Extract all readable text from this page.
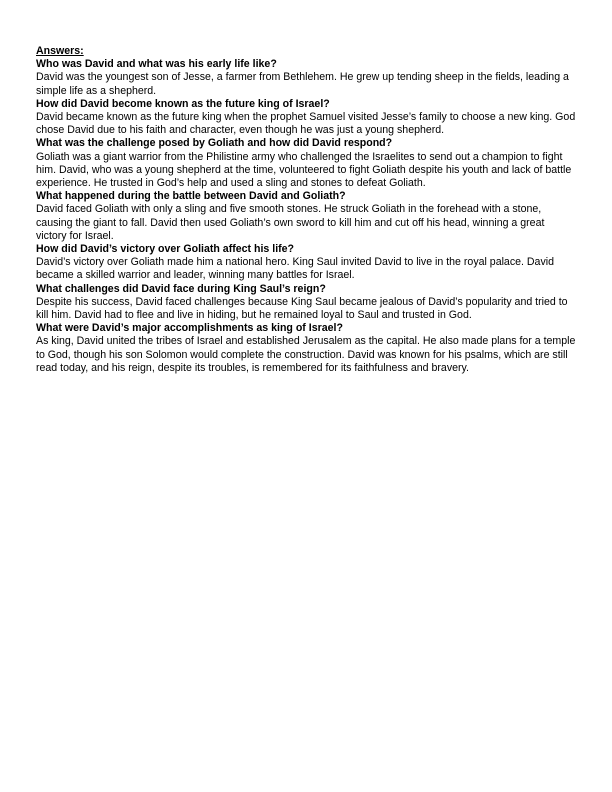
Answers:
Who was David and what was his early life like?
David was the youngest son of Jesse, a farmer from Bethlehem. He grew up tending sheep in the fields, leading a simple life as a shepherd.
How did David become known as the future king of Israel?
David became known as the future king when the prophet Samuel visited Jesse’s family to choose a new king. God chose David due to his faith and character, even though he was just a young shepherd.
What was the challenge posed by Goliath and how did David respond?
Goliath was a giant warrior from the Philistine army who challenged the Israelites to send out a champion to fight him. David, who was a young shepherd at the time, volunteered to fight Goliath despite his youth and lack of battle experience. He trusted in God’s help and used a sling and stones to defeat Goliath.
What happened during the battle between David and Goliath?
David faced Goliath with only a sling and five smooth stones. He struck Goliath in the forehead with a stone, causing the giant to fall. David then used Goliath’s own sword to kill him and cut off his head, winning a great victory for Israel.
How did David’s victory over Goliath affect his life?
David’s victory over Goliath made him a national hero. King Saul invited David to live in the royal palace. David became a skilled warrior and leader, winning many battles for Israel.
What challenges did David face during King Saul’s reign?
Despite his success, David faced challenges because King Saul became jealous of David’s popularity and tried to kill him. David had to flee and live in hiding, but he remained loyal to Saul and trusted in God.
What were David’s major accomplishments as king of Israel?
As king, David united the tribes of Israel and established Jerusalem as the capital. He also made plans for a temple to God, though his son Solomon would complete the construction. David was known for his psalms, which are still read today, and his reign, despite its troubles, is remembered for its faithfulness and bravery.
